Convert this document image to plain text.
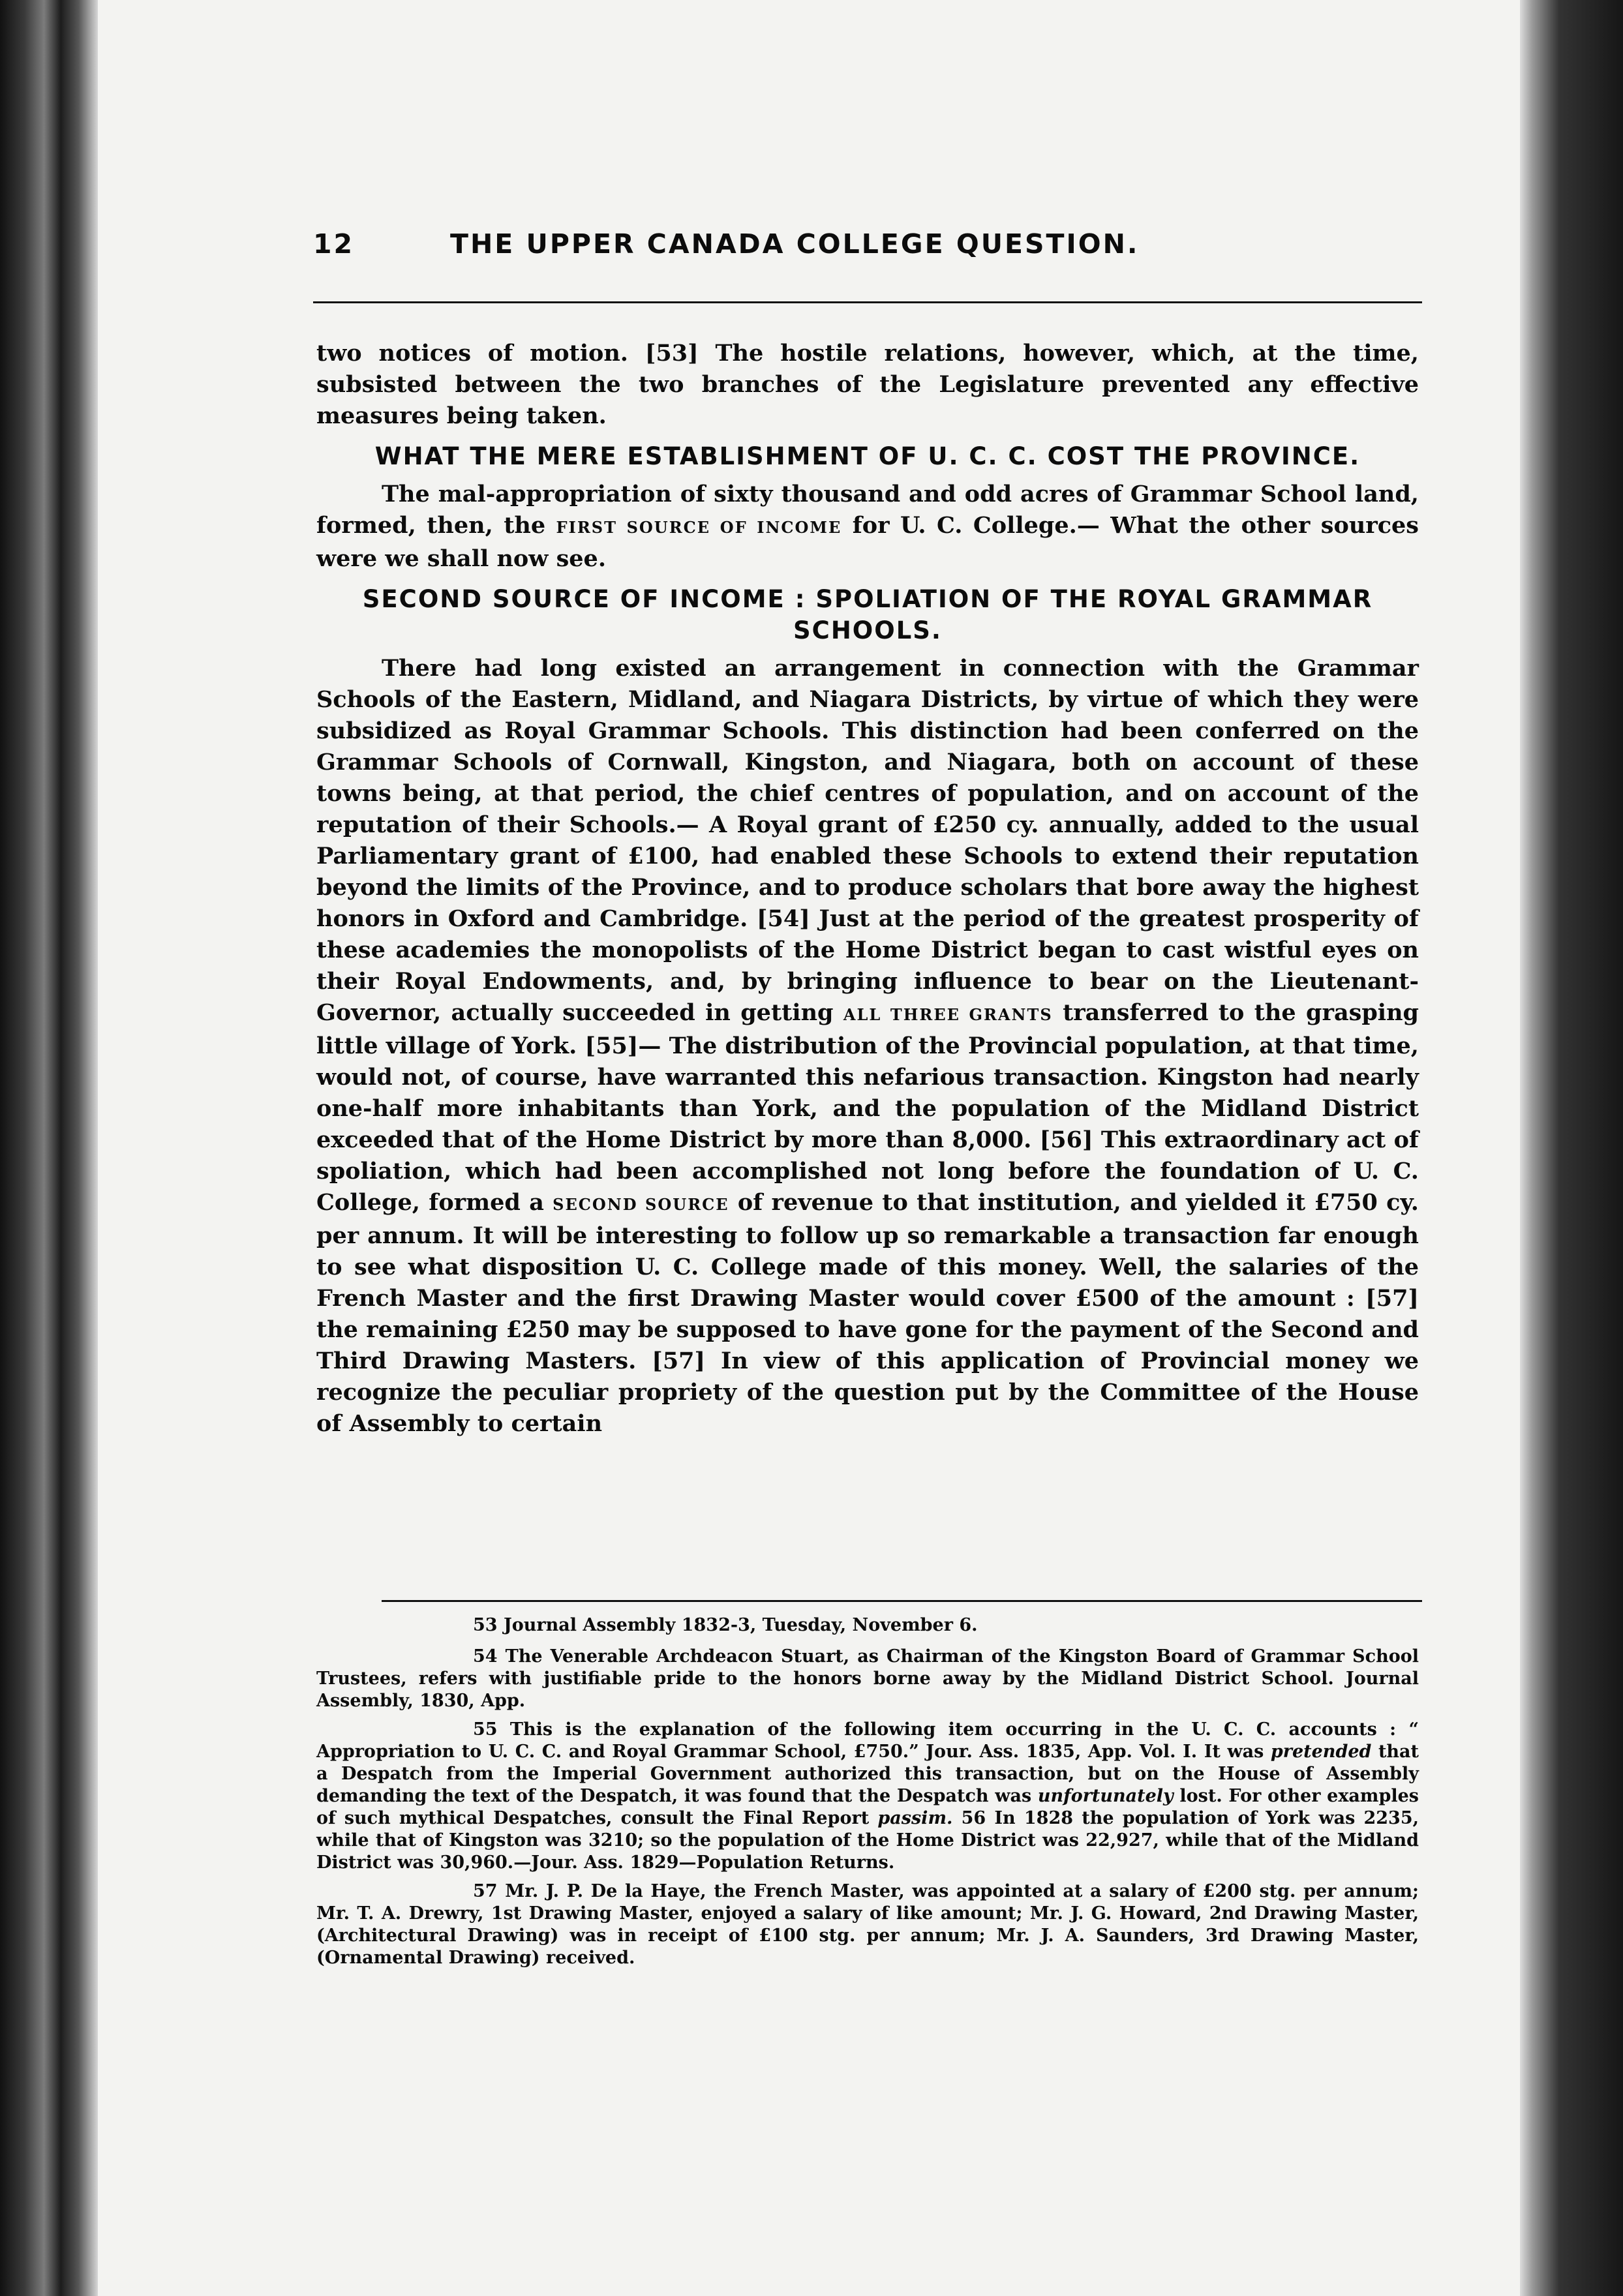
12	THE UPPER CANADA COLLEGE QUESTION.

two notices of motion. [53] The hostile relations, however, which, at the time, subsisted between the two branches of the Legislature prevented any effective measures being taken.

WHAT THE MERE ESTABLISHMENT OF U. C. C. COST THE PROVINCE.

The mal-appropriation of sixty thousand and odd acres of Grammar School land, formed, then, the FIRST SOURCE OF INCOME for U. C. College.— What the other sources were we shall now see.

SECOND SOURCE OF INCOME : SPOLIATION OF THE ROYAL GRAMMAR SCHOOLS.

There had long existed an arrangement in connection with the Grammar Schools of the Eastern, Midland, and Niagara Districts, by virtue of which they were subsidized as Royal Grammar Schools. This distinction had been conferred on the Grammar Schools of Cornwall, Kingston, and Niagara, both on account of these towns being, at that period, the chief centres of population, and on account of the reputation of their Schools.— A Royal grant of £250 cy. annually, added to the usual Parliamentary grant of £100, had enabled these Schools to extend their reputation beyond the limits of the Province, and to produce scholars that bore away the highest honors in Oxford and Cambridge. [54] Just at the period of the greatest prosperity of these academies the monopolists of the Home District began to cast wistful eyes on their Royal Endowments, and, by bringing influence to bear on the Lieutenant-Governor, actually succeeded in getting ALL THREE GRANTS transferred to the grasping little village of York. [55]— The distribution of the Provincial population, at that time, would not, of course, have warranted this nefarious transaction. Kingston had nearly one-half more inhabitants than York, and the population of the Midland District exceeded that of the Home District by more than 8,000. [56] This extraordinary act of spoliation, which had been accomplished not long before the foundation of U. C. College, formed a SECOND SOURCE of revenue to that institution, and yielded it £750 cy. per annum. It will be interesting to follow up so remarkable a transaction far enough to see what disposition U. C. College made of this money. Well, the salaries of the French Master and the first Drawing Master would cover £500 of the amount : [57] the remaining £250 may be supposed to have gone for the payment of the Second and Third Drawing Masters. [57] In view of this application of Provincial money we recognize the peculiar propriety of the question put by the Committee of the House of Assembly to certain

53 Journal Assembly 1832-3, Tuesday, November 6.

54 The Venerable Archdeacon Stuart, as Chairman of the Kingston Board of Grammar School Trustees, refers with justifiable pride to the honors borne away by the Midland District School. Journal Assembly, 1830, App.

55 This is the explanation of the following item occurring in the U. C. C. accounts : “ Appropriation to U. C. C. and Royal Grammar School, £750.” Jour. Ass. 1835, App. Vol. I. It was pretended that a Despatch from the Imperial Government authorized this transaction, but on the House of Assembly demanding the text of the Despatch, it was found that the Despatch was unfortunately lost. For other examples of such mythical Despatches, consult the Final Report passim. 56 In 1828 the population of York was 2235, while that of Kingston was 3210; so the population of the Home District was 22,927, while that of the Midland District was 30,960.—Jour. Ass. 1829—Population Returns.

57 Mr. J. P. De la Haye, the French Master, was appointed at a salary of £200 stg. per annum; Mr. T. A. Drewry, 1st Drawing Master, enjoyed a salary of like amount; Mr. J. G. Howard, 2nd Drawing Master, (Architectural Drawing) was in receipt of £100 stg. per annum; Mr. J. A. Saunders, 3rd Drawing Master, (Ornamental Drawing) received.
